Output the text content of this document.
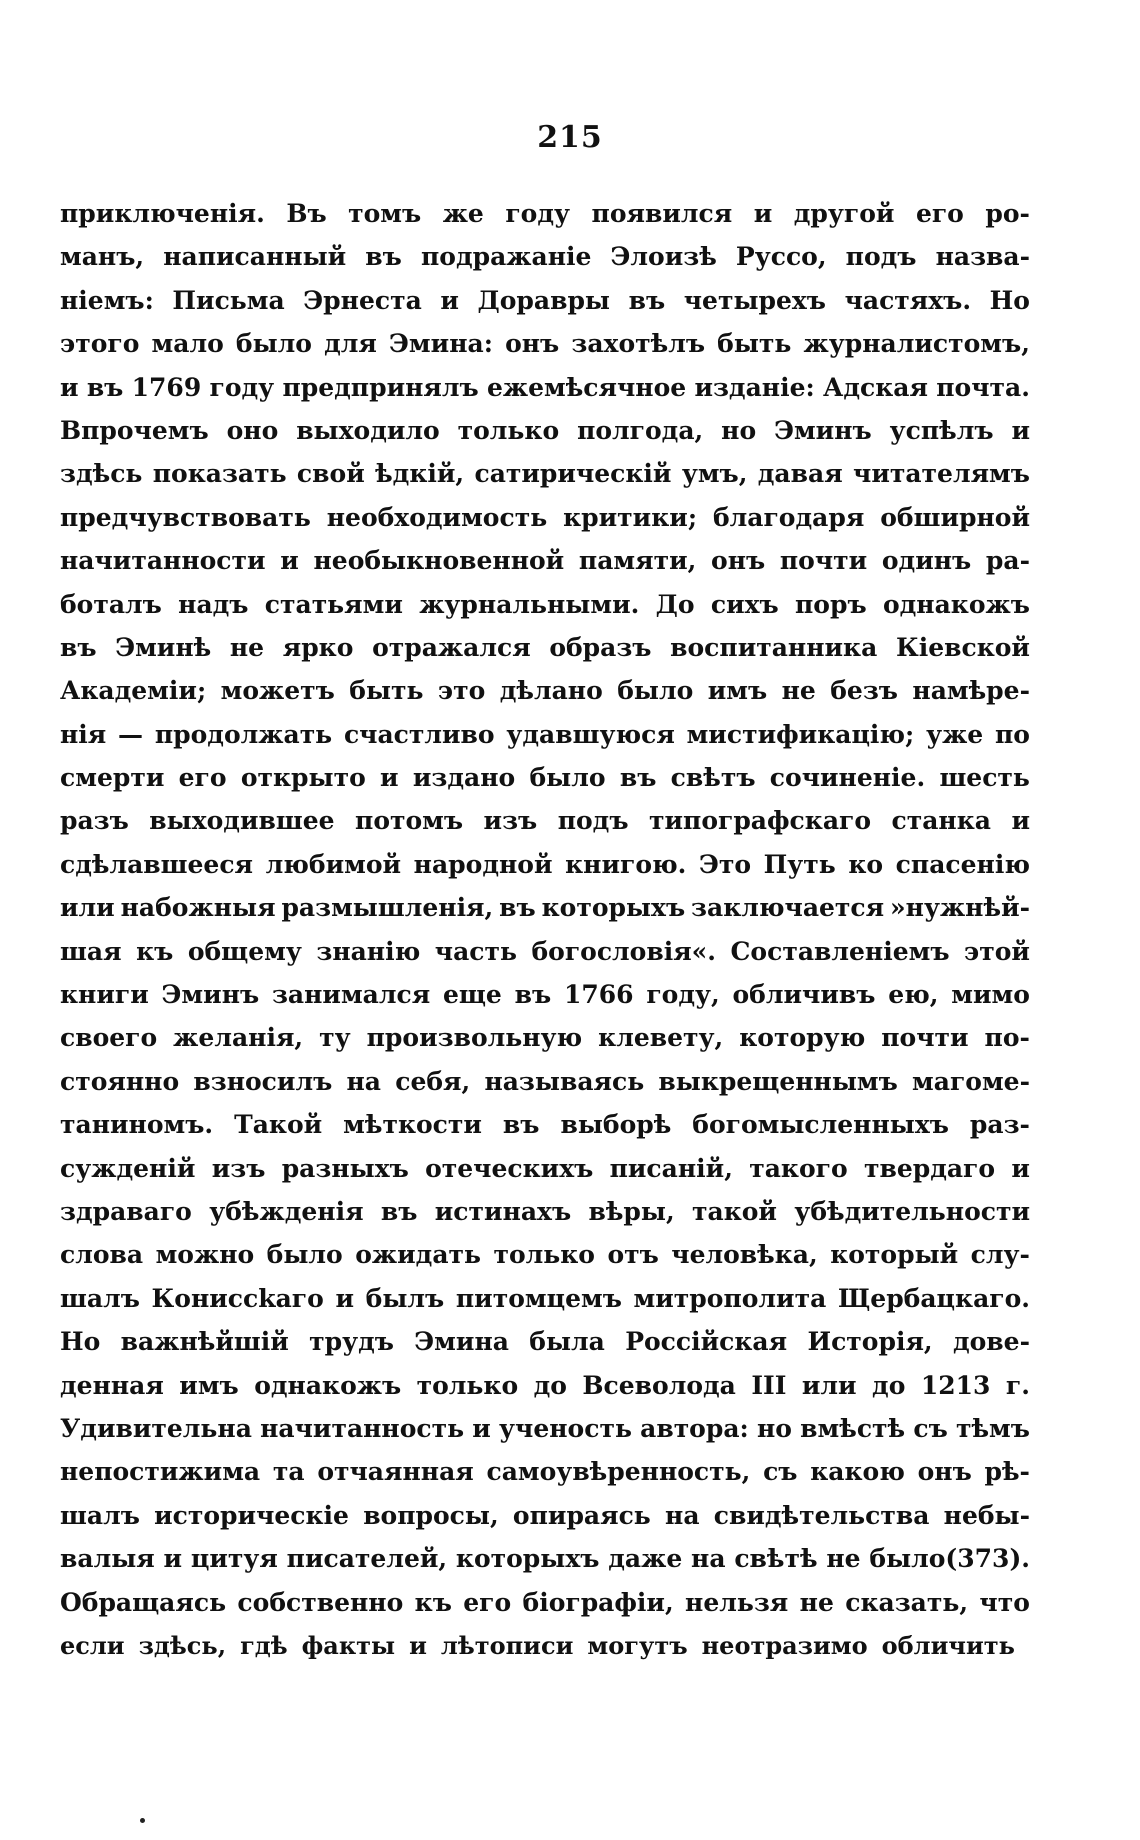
215
приключенія. Въ томъ же году появился и другой его ро-
манъ, написанный въ подражаніе Элоизѣ Руссо, подъ назва-
ніемъ: Письма Эрнеста и Доравры въ четырехъ частяхъ. Но
этого мало было для Эмина: онъ захотѣлъ быть журналистомъ,
и въ 1769 году предпринялъ ежемѣсячное изданіе: Адская почта.
Впрочемъ оно выходило только полгода, но Эминъ успѣлъ и
здѣсь показать свой ѣдкій, сатирическій умъ, давая читателямъ
предчувствовать необходимость критики; благодаря обширной
начитанности и необыкновенной памяти, онъ почти одинъ ра-
боталъ надъ статьями журнальными. До сихъ поръ однакожъ
въ Эминѣ не ярко отражался образъ воспитанника Кіевской
Академіи; можетъ быть это дѣлано было имъ не безъ намѣре-
нія — продолжать счастливо удавшуюся мистификацію; уже по
смерти его открыто и издано было въ свѣтъ сочиненіе. шесть
разъ выходившее потомъ изъ подъ типографскаго станка и
сдѣлавшееся любимой народной книгою. Это Путь ко спасенію
или набожныя размышленія, въ которыхъ заключается »нужнѣй-
шая къ общему знанію часть богословія«. Составленіемъ этой
книги Эминъ занимался еще въ 1766 году, обличивъ ею, мимо
своего желанія, ту произвольную клевету, которую почти по-
стоянно взносилъ на себя, называясь выкрещеннымъ магоме-
таниномъ. Такой мѣткости въ выборѣ богомысленныхъ раз-
сужденій изъ разныхъ отеческихъ писаній, такого твердаго и
здраваго убѣжденія въ истинахъ вѣры, такой убѣдительности
слова можно было ожидать только отъ человѣка, который слу-
шалъ Кониссkаго и былъ питомцемъ митрополита Щербацкаго.
Но важнѣйшій трудъ Эмина была Россійская Исторія, дове-
денная имъ однакожъ только до Всеволода III или до 1213 г.
Удивительна начитанность и ученость автора: но вмѣстѣ съ тѣмъ
непостижима та отчаянная самоувѣренность, съ какою онъ рѣ-
шалъ историческіе вопросы, опираясь на свидѣтельства небы-
валыя и цитуя писателей, которыхъ даже на свѣтѣ не было(373).
Обращаясь собственно къ его біографіи, нельзя не сказать, что
если здѣсь, гдѣ факты и лѣтописи могутъ неотразимо обличить
